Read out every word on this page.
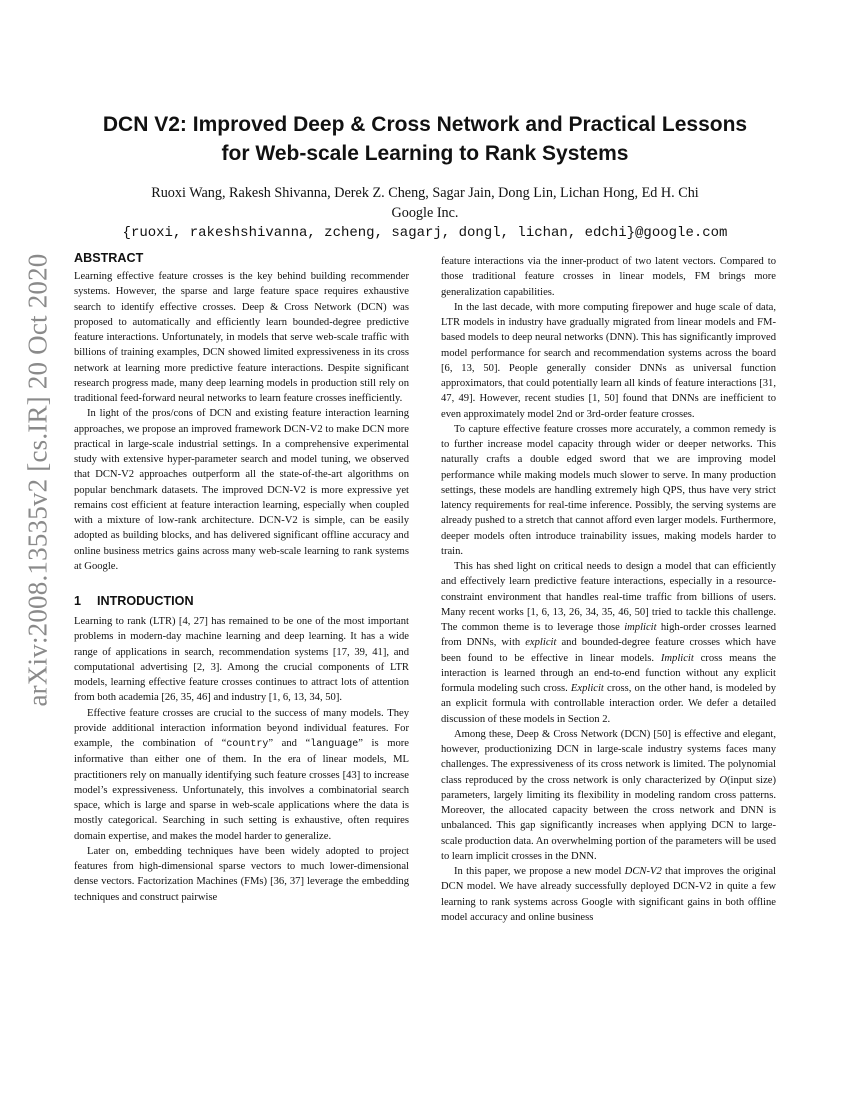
arXiv:2008.13535v2 [cs.IR] 20 Oct 2020
DCN V2: Improved Deep & Cross Network and Practical Lessons
for Web-scale Learning to Rank Systems
Ruoxi Wang, Rakesh Shivanna, Derek Z. Cheng, Sagar Jain, Dong Lin, Lichan Hong, Ed H. Chi
Google Inc.
{ruoxi, rakeshshivanna, zcheng, sagarj, dongl, lichan, edchi}@google.com
ABSTRACT

Learning effective feature crosses is the key behind building recommender systems. However, the sparse and large feature space requires exhaustive search to identify effective crosses. Deep & Cross Network (DCN) was proposed to automatically and efficiently learn bounded-degree predictive feature interactions. Unfortunately, in models that serve web-scale traffic with billions of training examples, DCN showed limited expressiveness in its cross network at learning more predictive feature interactions. Despite significant research progress made, many deep learning models in production still rely on traditional feed-forward neural networks to learn feature crosses inefficiently.

In light of the pros/cons of DCN and existing feature interaction learning approaches, we propose an improved framework DCN-V2 to make DCN more practical in large-scale industrial settings. In a comprehensive experimental study with extensive hyper-parameter search and model tuning, we observed that DCN-V2 approaches outperform all the state-of-the-art algorithms on popular benchmark datasets. The improved DCN-V2 is more expressive yet remains cost efficient at feature interaction learning, especially when coupled with a mixture of low-rank architecture. DCN-V2 is simple, can be easily adopted as building blocks, and has delivered significant offline accuracy and online business metrics gains across many web-scale learning to rank systems at Google.

1 INTRODUCTION

Learning to rank (LTR) [4, 27] has remained to be one of the most important problems in modern-day machine learning and deep learning. It has a wide range of applications in search, recommendation systems [17, 39, 41], and computational advertising [2, 3]. Among the crucial components of LTR models, learning effective feature crosses continues to attract lots of attention from both academia [26, 35, 46] and industry [1, 6, 13, 34, 50].

Effective feature crosses are crucial to the success of many models. They provide additional interaction information beyond individual features. For example, the combination of “country” and “language” is more informative than either one of them. In the era of linear models, ML practitioners rely on manually identifying such feature crosses [43] to increase model’s expressiveness. Unfortunately, this involves a combinatorial search space, which is large and sparse in web-scale applications where the data is mostly categorical. Searching in such setting is exhaustive, often requires domain expertise, and makes the model harder to generalize.

Later on, embedding techniques have been widely adopted to project features from high-dimensional sparse vectors to much lower-dimensional dense vectors. Factorization Machines (FMs) [36, 37] leverage the embedding techniques and construct pairwise

feature interactions via the inner-product of two latent vectors. Compared to those traditional feature crosses in linear models, FM brings more generalization capabilities.

In the last decade, with more computing firepower and huge scale of data, LTR models in industry have gradually migrated from linear models and FM-based models to deep neural networks (DNN). This has significantly improved model performance for search and recommendation systems across the board [6, 13, 50]. People generally consider DNNs as universal function approximators, that could potentially learn all kinds of feature interactions [31, 47, 49]. However, recent studies [1, 50] found that DNNs are inefficient to even approximately model 2nd or 3rd-order feature crosses.

To capture effective feature crosses more accurately, a common remedy is to further increase model capacity through wider or deeper networks. This naturally crafts a double edged sword that we are improving model performance while making models much slower to serve. In many production settings, these models are handling extremely high QPS, thus have very strict latency requirements for real-time inference. Possibly, the serving systems are already pushed to a stretch that cannot afford even larger models. Furthermore, deeper models often introduce trainability issues, making models harder to train.

This has shed light on critical needs to design a model that can efficiently and effectively learn predictive feature interactions, especially in a resource-constraint environment that handles real-time traffic from billions of users. Many recent works [1, 6, 13, 26, 34, 35, 46, 50] tried to tackle this challenge. The common theme is to leverage those implicit high-order crosses learned from DNNs, with explicit and bounded-degree feature crosses which have been found to be effective in linear models. Implicit cross means the interaction is learned through an end-to-end function without any explicit formula modeling such cross. Explicit cross, on the other hand, is modeled by an explicit formula with controllable interaction order. We defer a detailed discussion of these models in Section 2.

Among these, Deep & Cross Network (DCN) [50] is effective and elegant, however, productionizing DCN in large-scale industry systems faces many challenges. The expressiveness of its cross network is limited. The polynomial class reproduced by the cross network is only characterized by O(input size) parameters, largely limiting its flexibility in modeling random cross patterns. Moreover, the allocated capacity between the cross network and DNN is unbalanced. This gap significantly increases when applying DCN to large-scale production data. An overwhelming portion of the parameters will be used to learn implicit crosses in the DNN.

In this paper, we propose a new model DCN-V2 that improves the original DCN model. We have already successfully deployed DCN-V2 in quite a few learning to rank systems across Google with significant gains in both offline model accuracy and online business
